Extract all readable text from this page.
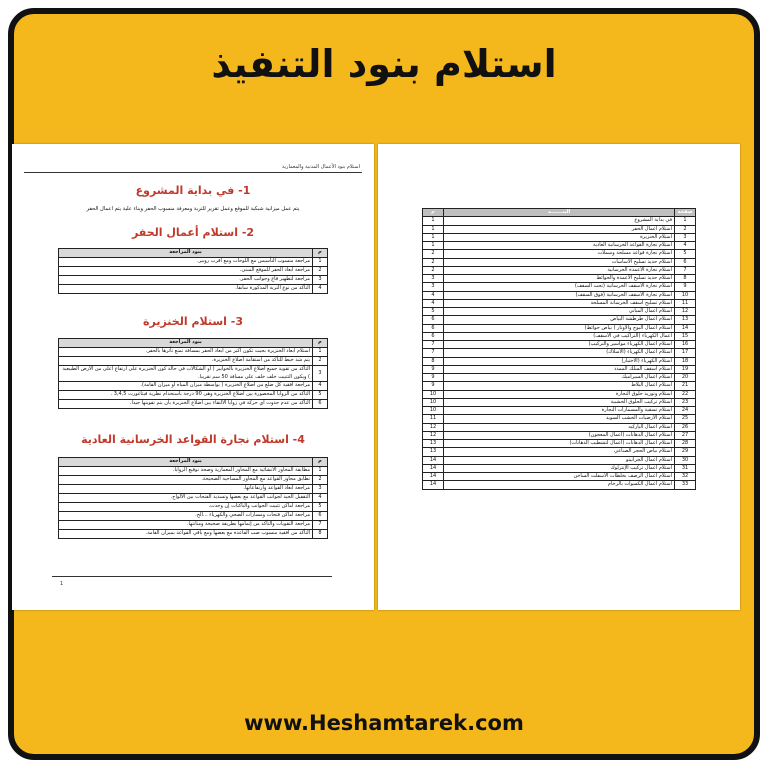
استلام بنود التنفيذ
استلام بنود الأعمال المدنية والمعمارية
1- في بداية المشروع
يتم عمل ميزانية شبكية للموقع وعمل تقرير للتربة ومعرفة منسوب الحفر وبناء علية يتم اعمال الحفر
2- استلام أعمال الحفر
م	بنود المراجعة
1	مراجعة منسوب التأسيس مع اللوحات ومع أقرب روبير.
2	مراجعة أبعاد الحفر للموقع المبنى.
3	مراجعة لتطهير قاع وجوانب الحفر.
4	التأكد من نوع التربة المذكورة سابقا.
3- استلام الخنزيرة
م	بنود المراجعة
1	استلام أبعاد الخنزيرة بحيث تكون أكبر من أبعاد الحفر بمسافة تمنع تأثرها بالحفر.
2	يتم شد خيط للتأكد من استقامة أضلاع الخنزيرة.
3	التأكد من تقوية جميع أضلاع الخنزيرة بالخوابير ( أو الشكالات في حالة كون الخنزيرة على ارتفاع أعلى من الأرض الطبيعية ) ويكون التثبيت خلف خلف على مسافة 50 سم تقريبا.
4	مراجعة أفقية كل ضلع من أضلاع الخنزيرة ( بواسطة ميزان المياه أو ميزان القامة).
5	التأكد من الزوايا المحصورة بين أضلاع الخنزيرة وهى 90 درجة باستخدام نظرية فيثاغورث 3,4,5 .
6	التأكد من عدم حدوث أي حركة في زوايا الالتقاء بين أضلاع الخنزيرة بأن يتم تقويتها جيدا.
4- استلام نجارة القواعد الخرسانية العادية
م	بنود المراجعة
1	مطابقة المحاور الانشائية مع المحاور المعمارية وصحة توقيع الزوايا.
2	تطابق محاور القواعد مع المحاور المساحية الصحيحة.
3	مراجعة أبعاد القواعد وارتفاعاتها.
4	التقفيل الجيد لجوانب القواعد مع بعضها وتسديد الفتحات بين الألواح.
5	مراجعة أماكن تثبيت الجوانب والباكتات إن وجدت.
6	مراجعة أماكن فتحات ومسارات الصحي والكهرباء ...الخ.
7	مراجعة التقويات والتأكد من إتمامها بطريقة صحيحة ومتانتها.
8	التأكد من أفقية منسوب صب القاعدة مع بعضها ومع باقي القواعد بميزان القامة.
1
صفحة	البنـــــــد	م
1	في بداية المشروع	1
2	استلام اعمال الحفر	1
3	استلام الخنزيرة	1
4	استلام نجارة القواعد الخرسانية العادية	1
5	استلام نجارة قواعد مسلحة وسملات	2
6	استلام حديد تسليح الاساسات	2
7	استلام نجارة الأعمدة الخرسانية	2
8	استلام حديد تسليح الأعمدة والحوائط	3
9	استلام نجارة الأسقف الخرسانية (تحت السقف)	3
10	استلام نجارة الأسقف الخرسانية (فوق السقف)	4
11	استلام تسليح أسقف الخرسانة المسلحة	4
12	استلام اعمال المباني	5
13	استلام اعمال طرطشة البياض	6
14	استلام أعمال البوج والأوتار ( بياض حوائط)	6
15	أعمال الكهرباء (التراكيب في الأسقف)	6
16	استلام أعمال الكهرباء مواسير والتركيب)	7
17	استلام أعمال الكهرباء (الأسلاك)	7
18	استلام الكهرباء (الاختبار)	8
19	استلام أسقف السلك الممدد	9
20	استلام أعمال السيراميك	9
21	استلام أعمال البلاط	9
22	استلام وتوريد حلوق النجارة	10
23	استلام تركيب الحلوق الخشبية	10
24	استلام تسقية والمسمارات النجارة	10
25	استلام الأرضيات الخشب السويد	11
26	استلام أعمال الباركيه	12
27	استلام أعمال الدهانات (أعمال المعجون)	12
28	استلام أعمال الدهانات (أعمال لتشطيب الدهانات)	13
29	استلام بياض الحجر الصناعي	13
30	استلام أعمال الجرانيتو	14
31	استلام أعمال تركيب الإنترلوك	14
32	استلام أعمال الرصف بخلطات الأسفلت الساخن	14
33	استلام أعمال الكسوات بالرخام	14
www.Heshamtarek.com
